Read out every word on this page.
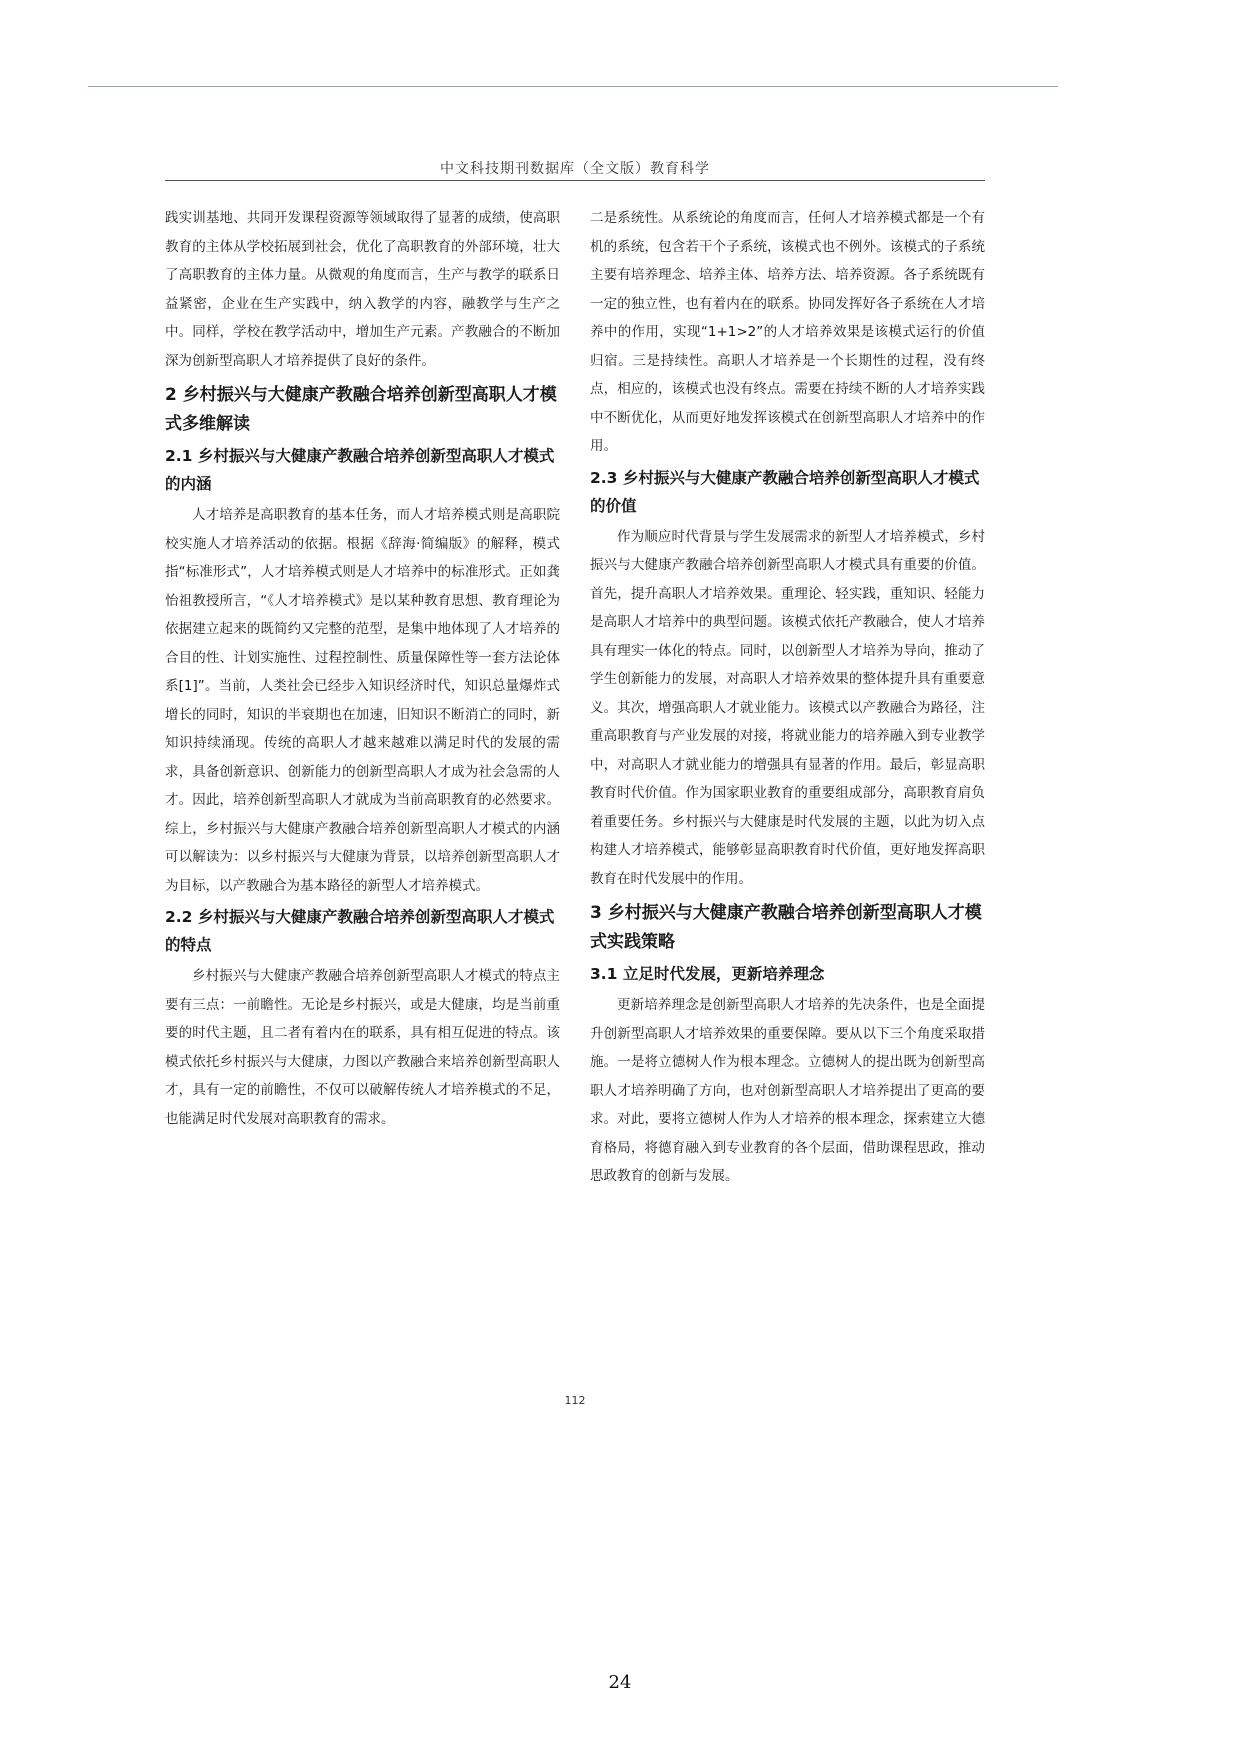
中文科技期刊数据库（全文版）教育科学

践实训基地、共同开发课程资源等领域取得了显著的成绩，使高职教育的主体从学校拓展到社会，优化了高职教育的外部环境，壮大了高职教育的主体力量。从微观的角度而言，生产与教学的联系日益紧密，企业在生产实践中，纳入教学的内容，融教学与生产之中。同样，学校在教学活动中，增加生产元素。产教融合的不断加深为创新型高职人才培养提供了良好的条件。

2 乡村振兴与大健康产教融合培养创新型高职人才模式多维解读
2.1 乡村振兴与大健康产教融合培养创新型高职人才模式的内涵

人才培养是高职教育的基本任务，而人才培养模式则是高职院校实施人才培养活动的依据。根据《辞海·简编版》的解释，模式指“标准形式”，人才培养模式则是人才培养中的标准形式。正如龚怡祖教授所言，“《人才培养模式》是以某种教育思想、教育理论为依据建立起来的既简约又完整的范型，是集中地体现了人才培养的合目的性、计划实施性、过程控制性、质量保障性等一套方法论体系[1]”。当前，人类社会已经步入知识经济时代，知识总量爆炸式增长的同时，知识的半衰期也在加速，旧知识不断消亡的同时，新知识持续涌现。传统的高职人才越来越难以满足时代的发展的需求，具备创新意识、创新能力的创新型高职人才成为社会急需的人才。因此，培养创新型高职人才就成为当前高职教育的必然要求。综上，乡村振兴与大健康产教融合培养创新型高职人才模式的内涵可以解读为：以乡村振兴与大健康为背景，以培养创新型高职人才为目标，以产教融合为基本路径的新型人才培养模式。

2.2 乡村振兴与大健康产教融合培养创新型高职人才模式的特点

乡村振兴与大健康产教融合培养创新型高职人才模式的特点主要有三点：一前瞻性。无论是乡村振兴，或是大健康，均是当前重要的时代主题，且二者有着内在的联系，具有相互促进的特点。该模式依托乡村振兴与大健康，力图以产教融合来培养创新型高职人才，具有一定的前瞻性，不仅可以破解传统人才培养模式的不足，也能满足时代发展对高职教育的需求。

二是系统性。从系统论的角度而言，任何人才培养模式都是一个有机的系统，包含若干个子系统，该模式也不例外。该模式的子系统主要有培养理念、培养主体、培养方法、培养资源。各子系统既有一定的独立性，也有着内在的联系。协同发挥好各子系统在人才培养中的作用，实现“1+1>2”的人才培养效果是该模式运行的价值归宿。三是持续性。高职人才培养是一个长期性的过程，没有终点，相应的，该模式也没有终点。需要在持续不断的人才培养实践中不断优化，从而更好地发挥该模式在创新型高职人才培养中的作用。

2.3 乡村振兴与大健康产教融合培养创新型高职人才模式的价值

作为顺应时代背景与学生发展需求的新型人才培养模式，乡村振兴与大健康产教融合培养创新型高职人才模式具有重要的价值。首先，提升高职人才培养效果。重理论、轻实践，重知识、轻能力是高职人才培养中的典型问题。该模式依托产教融合，使人才培养具有理实一体化的特点。同时，以创新型人才培养为导向，推动了学生创新能力的发展，对高职人才培养效果的整体提升具有重要意义。其次，增强高职人才就业能力。该模式以产教融合为路径，注重高职教育与产业发展的对接，将就业能力的培养融入到专业教学中，对高职人才就业能力的增强具有显著的作用。最后，彰显高职教育时代价值。作为国家职业教育的重要组成部分，高职教育肩负着重要任务。乡村振兴与大健康是时代发展的主题，以此为切入点构建人才培养模式，能够彰显高职教育时代价值，更好地发挥高职教育在时代发展中的作用。

3 乡村振兴与大健康产教融合培养创新型高职人才模式实践策略
3.1 立足时代发展，更新培养理念

更新培养理念是创新型高职人才培养的先决条件，也是全面提升创新型高职人才培养效果的重要保障。要从以下三个角度采取措施。一是将立德树人作为根本理念。立德树人的提出既为创新型高职人才培养明确了方向，也对创新型高职人才培养提出了更高的要求。对此，要将立德树人作为人才培养的根本理念，探索建立大德育格局，将德育融入到专业教育的各个层面，借助课程思政，推动思政教育的创新与发展。

112
24
